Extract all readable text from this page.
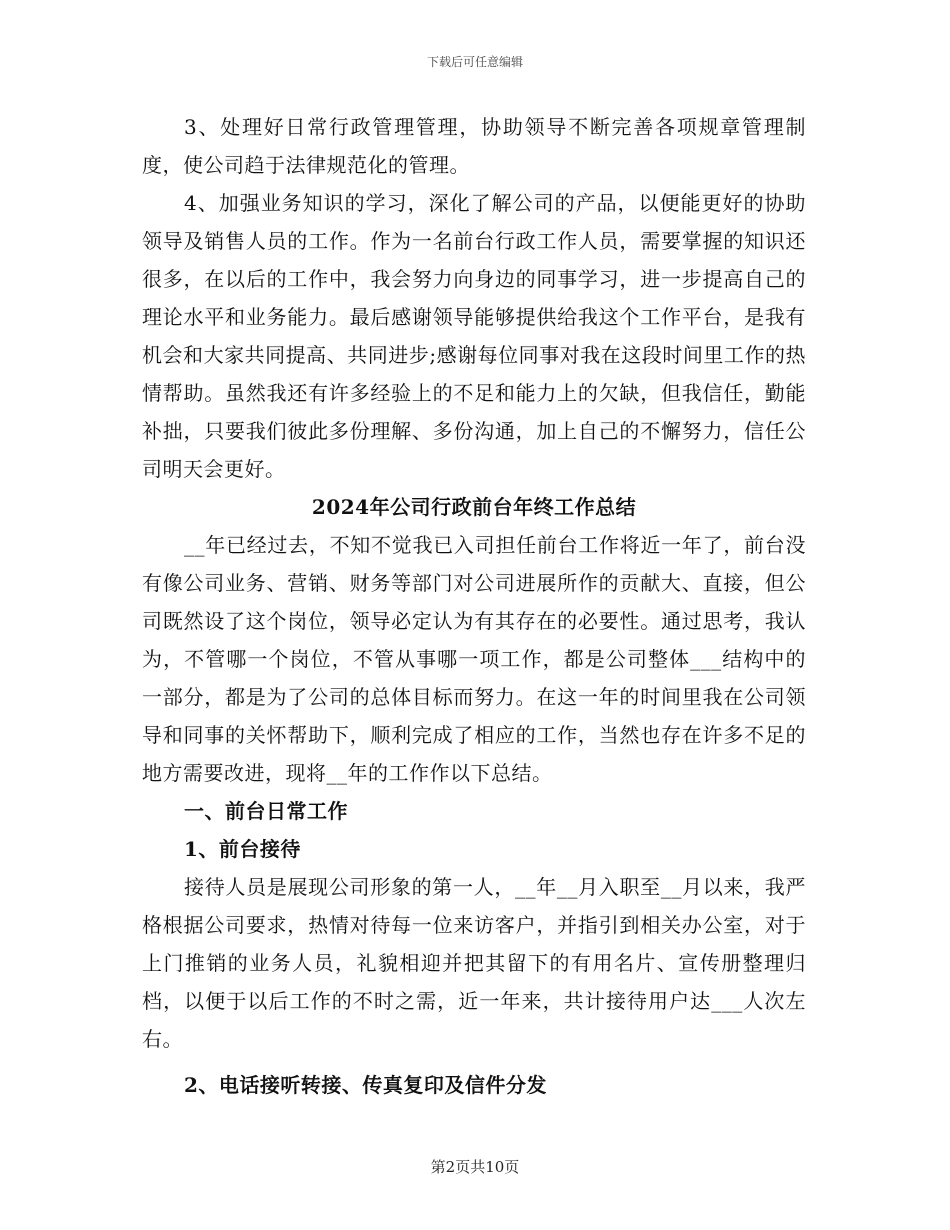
下载后可任意编辑

3、处理好日常行政管理管理，协助领导不断完善各项规章管理制度，使公司趋于法律规范化的管理。

4、加强业务知识的学习，深化了解公司的产品，以便能更好的协助领导及销售人员的工作。作为一名前台行政工作人员，需要掌握的知识还很多，在以后的工作中，我会努力向身边的同事学习，进一步提高自己的理论水平和业务能力。最后感谢领导能够提供给我这个工作平台，是我有机会和大家共同提高、共同进步;感谢每位同事对我在这段时间里工作的热情帮助。虽然我还有许多经验上的不足和能力上的欠缺，但我信任，勤能补拙，只要我们彼此多份理解、多份沟通，加上自己的不懈努力，信任公司明天会更好。

2024年公司行政前台年终工作总结

__年已经过去，不知不觉我已入司担任前台工作将近一年了，前台没有像公司业务、营销、财务等部门对公司进展所作的贡献大、直接，但公司既然设了这个岗位，领导必定认为有其存在的必要性。通过思考，我认为，不管哪一个岗位，不管从事哪一项工作，都是公司整体___结构中的一部分，都是为了公司的总体目标而努力。在这一年的时间里我在公司领导和同事的关怀帮助下，顺利完成了相应的工作，当然也存在许多不足的地方需要改进，现将__年的工作作以下总结。

一、前台日常工作

1、前台接待

接待人员是展现公司形象的第一人，__年__月入职至__月以来，我严格根据公司要求，热情对待每一位来访客户，并指引到相关办公室，对于上门推销的业务人员，礼貌相迎并把其留下的有用名片、宣传册整理归档，以便于以后工作的不时之需，近一年来，共计接待用户达___人次左右。

2、电话接听转接、传真复印及信件分发

第2页共10页
